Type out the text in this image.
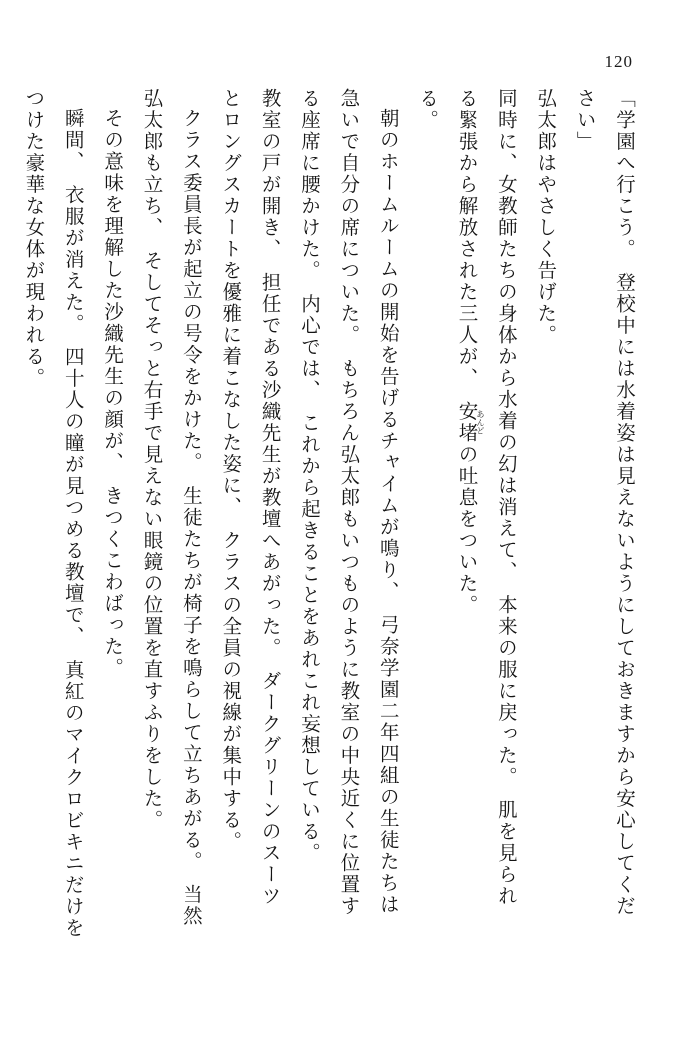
120

「学園へ行こう。　登校中には水着姿は見えないようにしておきますから安心してくだ

さい」

弘太郎はやさしく告げた。

同時に、女教師たちの身体から水着の幻は消えて、　本来の服に戻った。　肌を見られ

る緊張から解放された三人が、　安堵 あんどの吐息をついた。

る。

朝のホームルームの開始を告げるチャイムが鳴り、　弓奈学園二年四組の生徒たちは

急いで自分の席についた。　もちろん弘太郎もいつものように教室の中央近くに位置す

る座席に腰かけた。　内心では、　これから起きることをあれこれ妄想している。

教室の戸が開き、　担任である沙織先生が教壇へあがった。　ダークグリーンのスーツ

とロングスカートを優雅に着こなした姿に、　クラスの全員の視線が集中する。

クラス委員長が起立の号令をかけた。　生徒たちが椅子を鳴らして立ちあがる。　当然

弘太郎も立ち、　そしてそっと右手で見えない眼鏡の位置を直すふりをした。

その意味を理解した沙織先生の顔が、　きつくこわばった。

瞬間、　衣服が消えた。　四十人の瞳が見つめる教壇で、　真紅のマイクロビキニだけを

つけた豪華な女体が現われる。
